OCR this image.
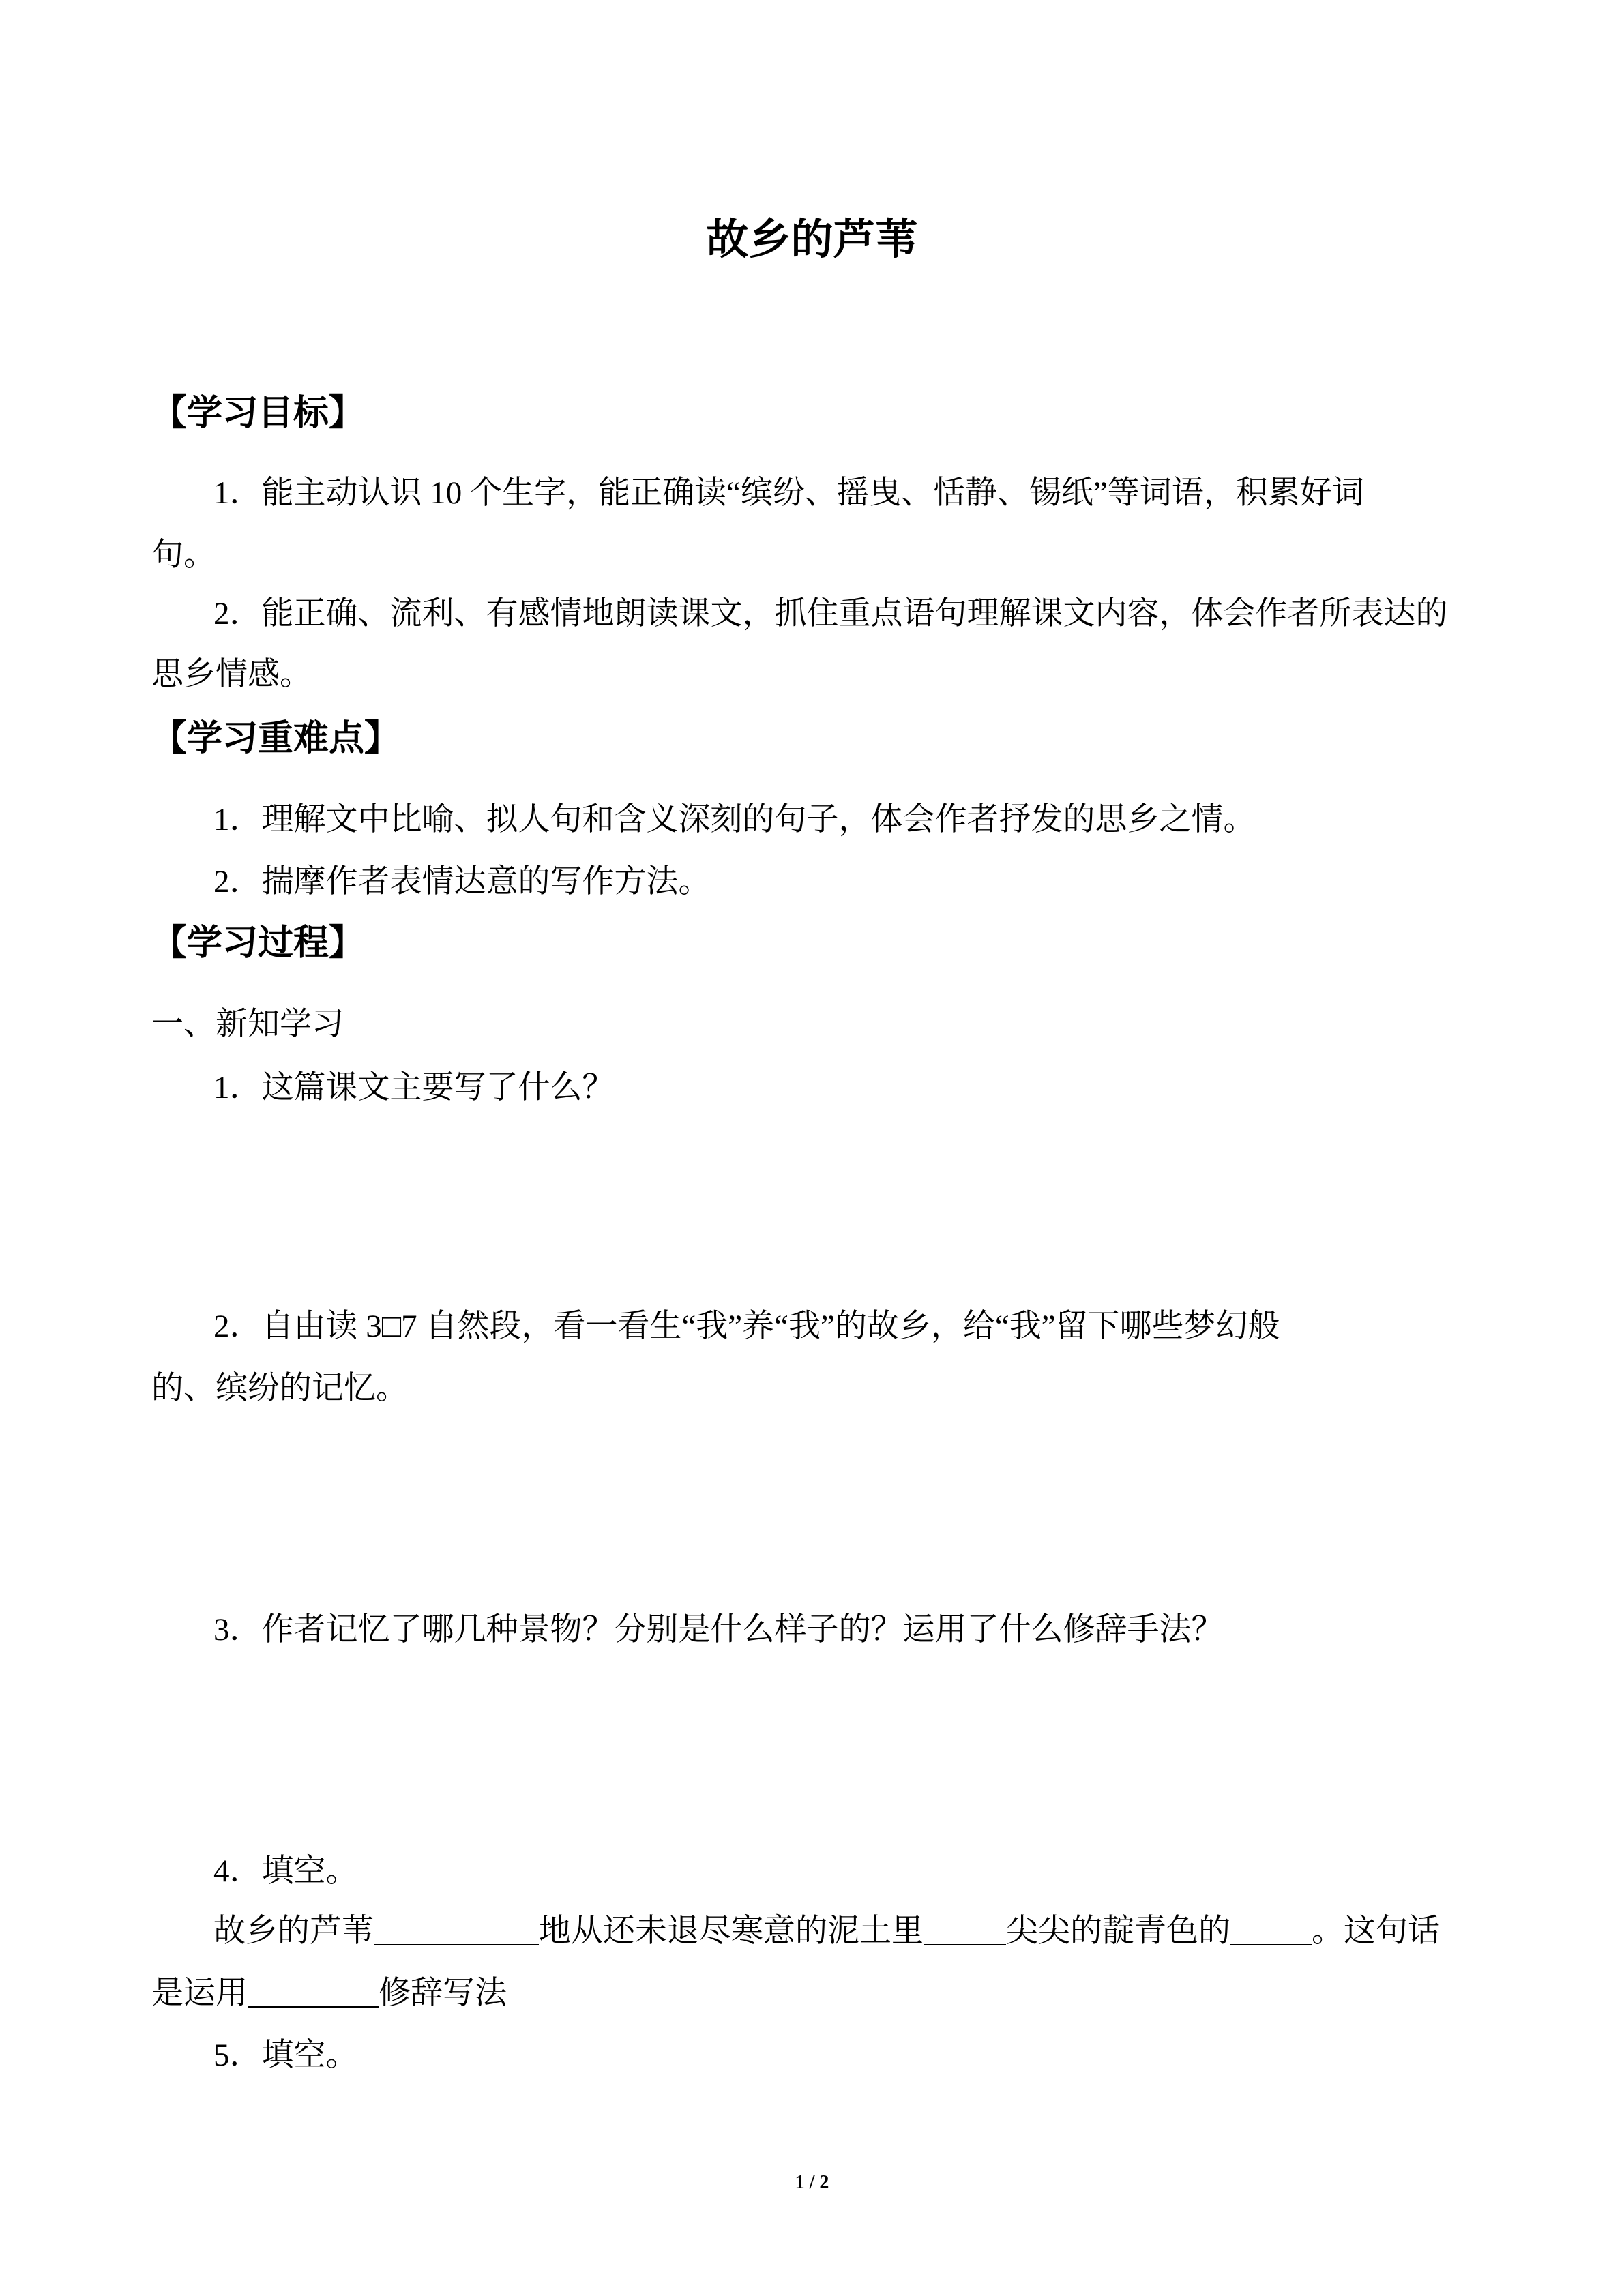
故乡的芦苇
【学习目标】
1．能主动认识 10 个生字，能正确读“缤纷、摇曳、恬静、锡纸”等词语，积累好词
句。
2．能正确、流利、有感情地朗读课文，抓住重点语句理解课文内容，体会作者所表达的
思乡情感。
【学习重难点】
1．理解文中比喻、拟人句和含义深刻的句子，体会作者抒发的思乡之情。
2．揣摩作者表情达意的写作方法。
【学习过程】
一、新知学习
1．这篇课文主要写了什么？
2．自由读 3□7 自然段，看一看生“我”养“我”的故乡，给“我”留下哪些梦幻般
的、缤纷的记忆。
3．作者记忆了哪几种景物？分别是什么样子的？运用了什么修辞手法？
4．填空。
故乡的芦苇	地从还未退尽寒意的泥土里	尖尖的靛青色的	。这句话
是运用	修辞写法
5．填空。
1 / 2
